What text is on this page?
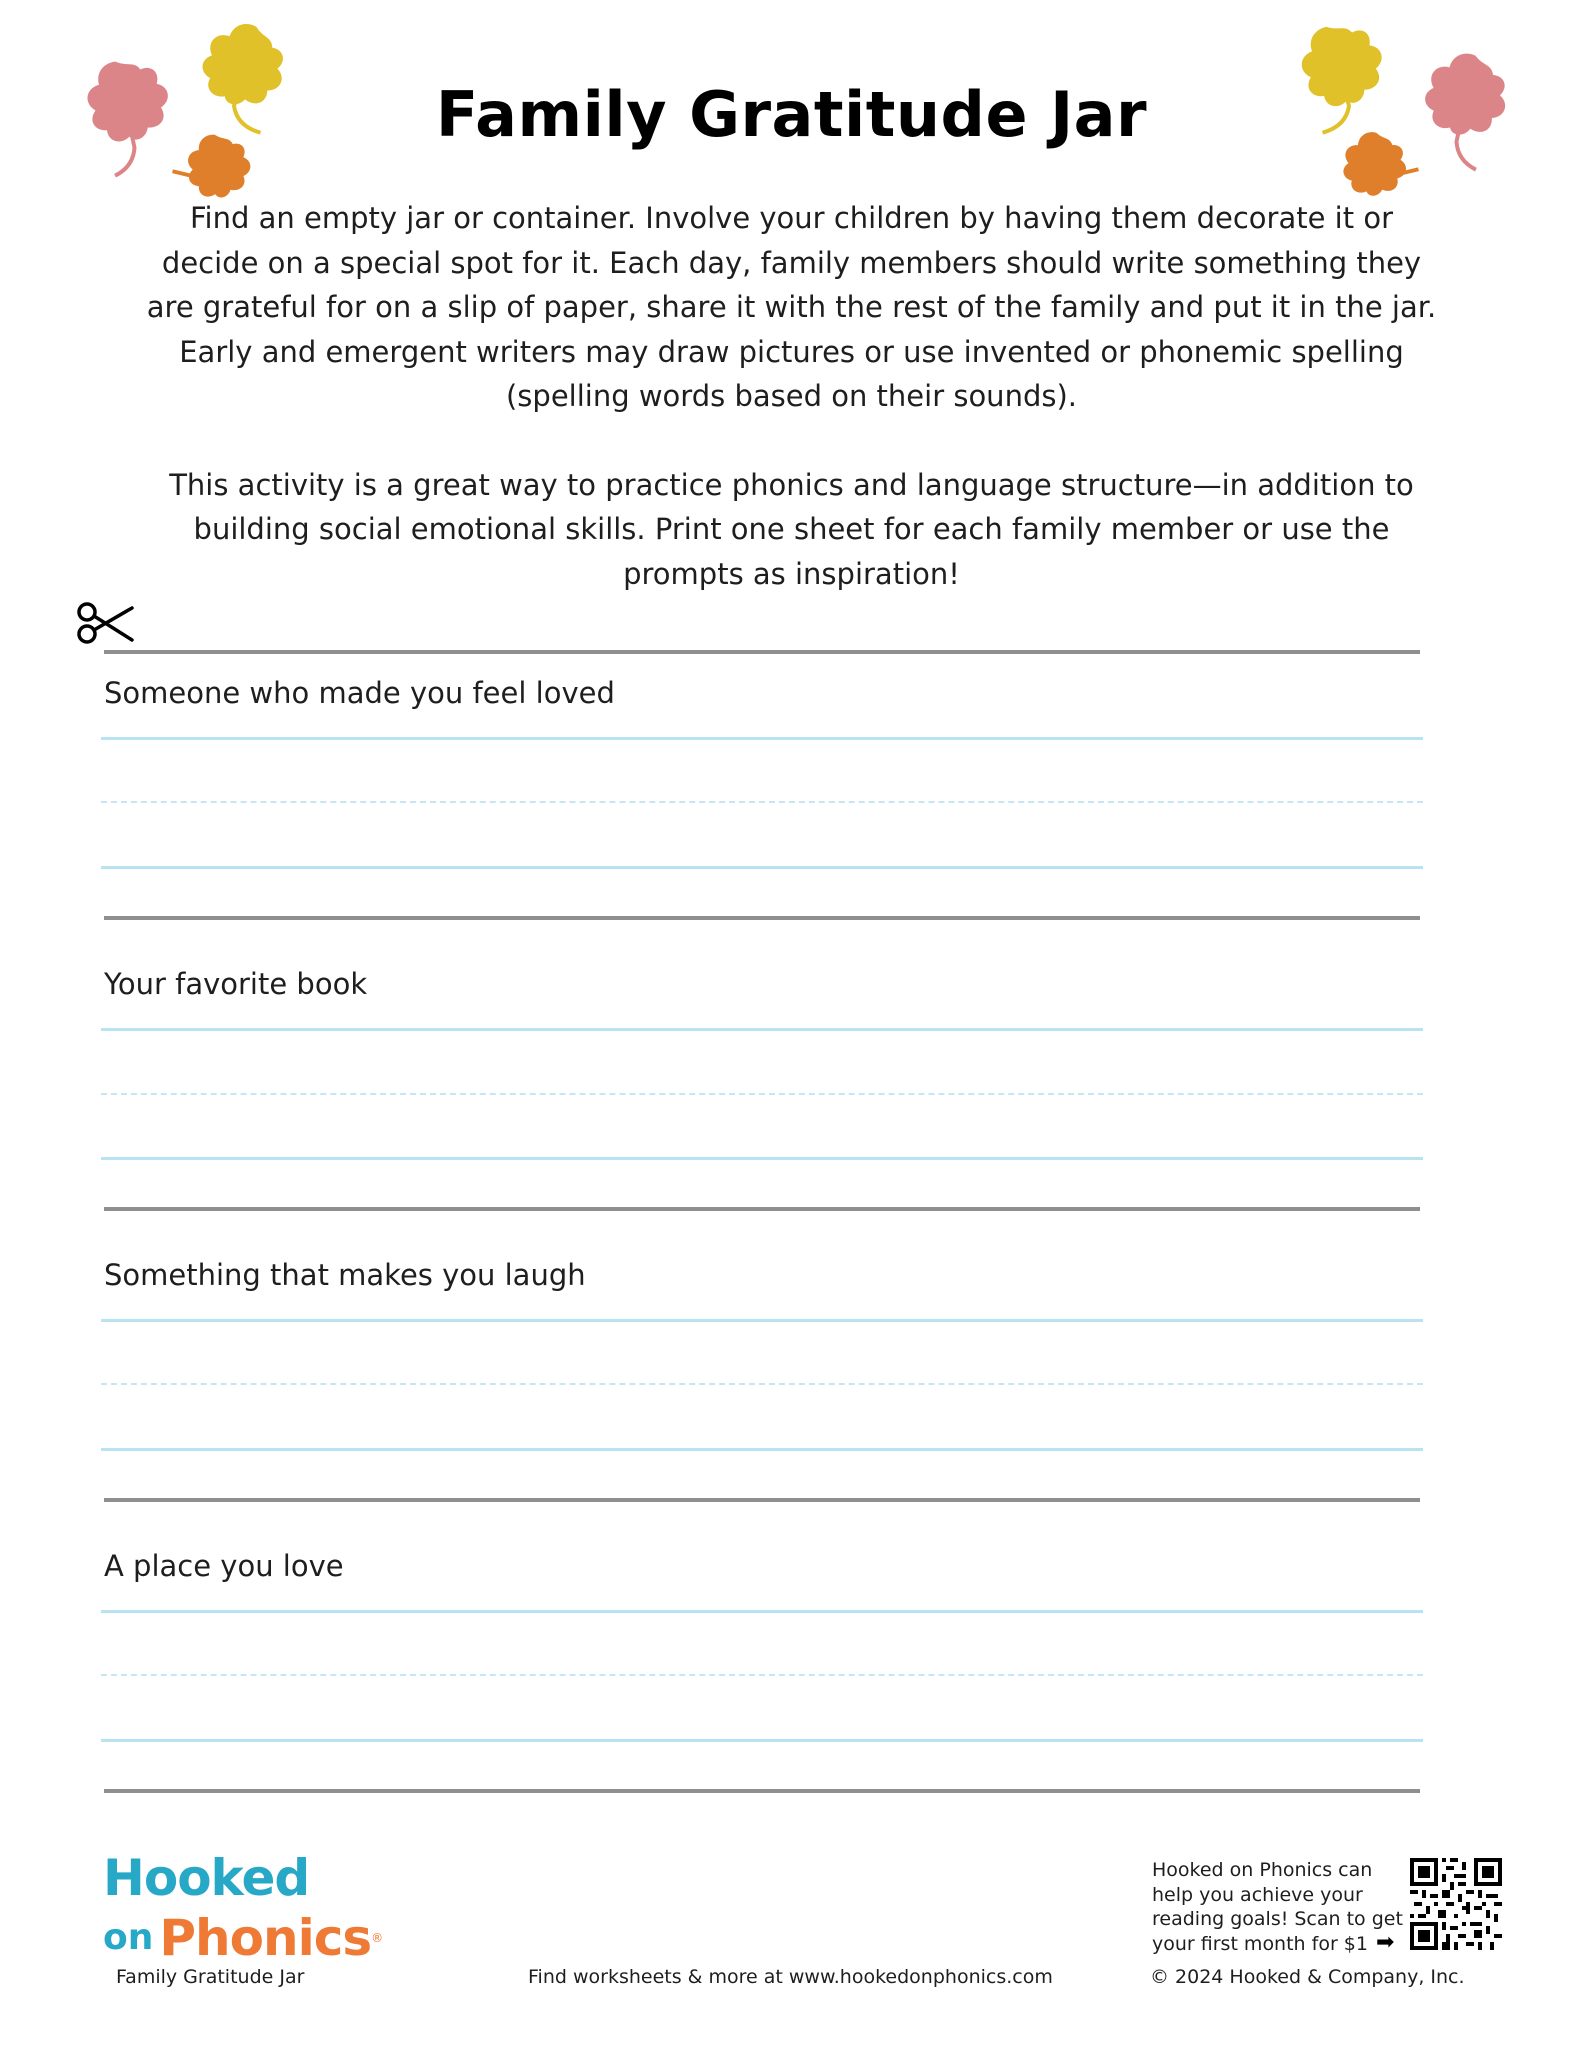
Family Gratitude Jar

Find an empty jar or container. Involve your children by having them decorate it or decide on a special spot for it. Each day, family members should write something they are grateful for on a slip of paper, share it with the rest of the family and put it in the jar. Early and emergent writers may draw pictures or use invented or phonemic spelling (spelling words based on their sounds).

This activity is a great way to practice phonics and language structure—in addition to building social emotional skills. Print one sheet for each family member or use the prompts as inspiration!

Someone who made you feel loved
Your favorite book
Something that makes you laugh
A place you love
Hooked
on Phonics ®
Family Gratitude Jar	Find worksheets & more at www.hookedonphonics.com	© 2024 Hooked & Company, Inc.
Hooked on Phonics can help you achieve your reading goals! Scan to get your first month for $1 ➡
